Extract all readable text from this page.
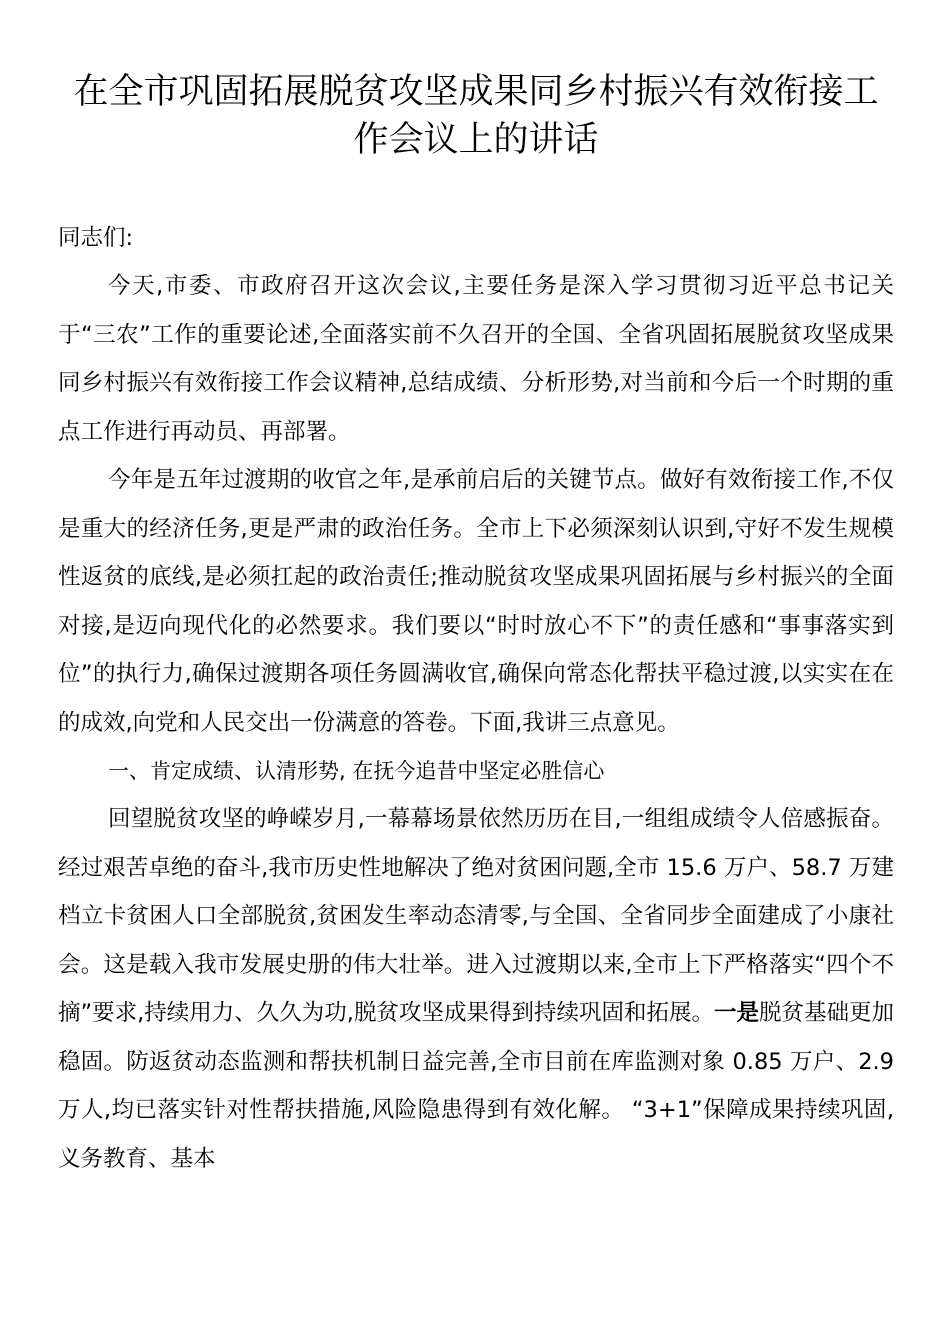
在全市巩固拓展脱贫攻坚成果同乡村振兴有效衔接工作会议上的讲话
同志们:

今天,市委、市政府召开这次会议,主要任务是深入学习贯彻习近平总书记关于“三农”工作的重要论述,全面落实前不久召开的全国、全省巩固拓展脱贫攻坚成果同乡村振兴有效衔接工作会议精神,总结成绩、分析形势,对当前和今后一个时期的重点工作进行再动员、再部署。

今年是五年过渡期的收官之年,是承前启后的关键节点。做好有效衔接工作,不仅是重大的经济任务,更是严肃的政治任务。全市上下必须深刻认识到,守好不发生规模性返贫的底线,是必须扛起的政治责任;推动脱贫攻坚成果巩固拓展与乡村振兴的全面对接,是迈向现代化的必然要求。我们要以“时时放心不下”的责任感和“事事落实到位”的执行力,确保过渡期各项任务圆满收官,确保向常态化帮扶平稳过渡,以实实在在的成效,向党和人民交出一份满意的答卷。下面,我讲三点意见。

一、肯定成绩、认清形势, 在抚今追昔中坚定必胜信心

回望脱贫攻坚的峥嵘岁月,一幕幕场景依然历历在目,一组组成绩令人倍感振奋。经过艰苦卓绝的奋斗,我市历史性地解决了绝对贫困问题,全市 15.6 万户、58.7 万建档立卡贫困人口全部脱贫,贫困发生率动态清零,与全国、全省同步全面建成了小康社会。这是载入我市发展史册的伟大壮举。进入过渡期以来,全市上下严格落实“四个不摘”要求,持续用力、久久为功,脱贫攻坚成果得到持续巩固和拓展。一是脱贫基础更加稳固。防返贫动态监测和帮扶机制日益完善,全市目前在库监测对象 0.85 万户、2.9 万人,均已落实针对性帮扶措施,风险隐患得到有效化解。 “3+1”保障成果持续巩固,义务教育、基本
